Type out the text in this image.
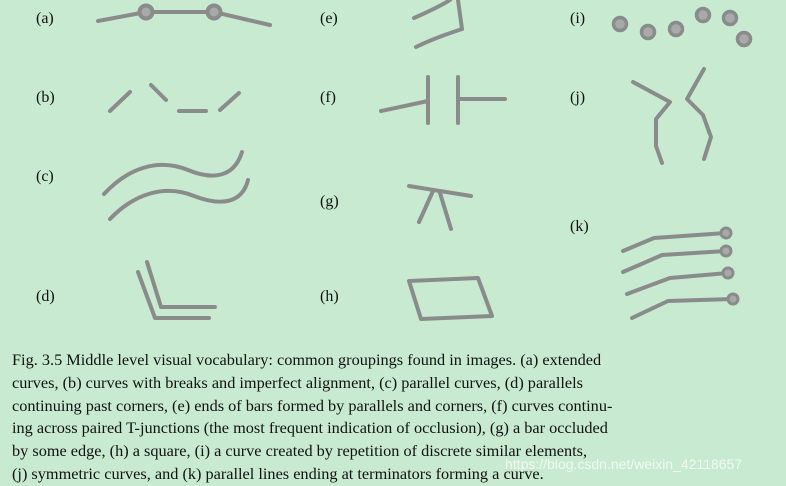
(a)
(b)
(c)
(d)
(e)
(f)
(g)
(h)
(i)
(j)
(k)
Fig. 3.5 Middle level visual vocabulary: common groupings found in images. (a) extended
curves, (b) curves with breaks and imperfect alignment, (c) parallel curves, (d) parallels
continuing past corners, (e) ends of bars formed by parallels and corners, (f) curves continu-
ing across paired T-junctions (the most frequent indication of occlusion), (g) a bar occluded
by some edge, (h) a square, (i) a curve created by repetition of discrete similar elements,
(j) symmetric curves, and (k) parallel lines ending at terminators forming a curve.
https://blog.csdn.net/weixin_42118657
